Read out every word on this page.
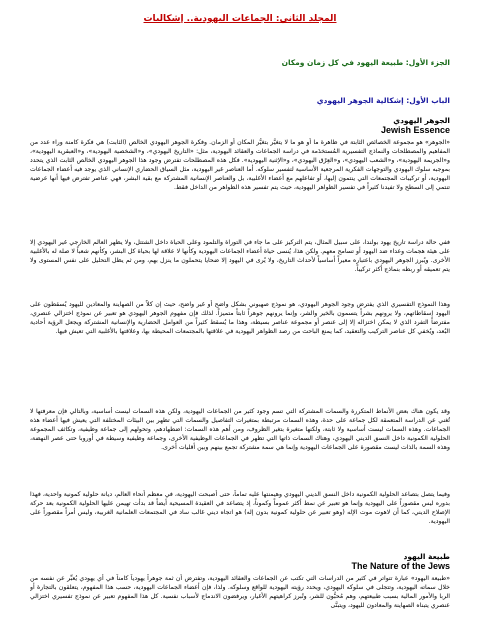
المجلد الثاني: الجماعات اليهودية.. إشكاليات
الجزء الأول: طبيعة اليهود في كل زمان ومكان
الباب الأول: إشكالية الجوهر اليهودي
الجوهر اليهودي
Jewish Essence
«الجوهر» هو مجموعة الخصائص الثابتة في ظاهرة ما أو هو ما لا يتغيَّر بتغيُّر المكان أو الزمان. وفكرة الجوهر اليهودي الخالص (الثابت) هي فكرة كامنة وراء عدد من المفاهيم والمصطلحات والنماذج التفسيرية المُستخدَمة في دراسة الجماعات والعقائد اليهودية، مثل: «التاريخ اليهودي»، و«الشخصية اليهودية»، و«العبقرية اليهودية»، و«الجريمة اليهودية»، و«الشعب اليهودي»، و«العِرْق اليهودي»، و«الإثنية اليهودية». فكل هذه المصطلحات تفترض وجود هذا الجوهر اليهودي الخالص الثابت الذي يتحدد بموجبه سلوك اليهودي والتوجهات الفكرية المرجعية الأساسية لتفسير سلوكه. أما العناصر غير اليهودية، مثل السياق الحضاري الإنساني الذي يوجد فيه أعضاء الجماعات اليهودية، أو تركيبات المجتمعات التي ينتمون إليها، أو تفاعلهم مع أعضاء الأغلبية، بل والعناصر الإنسانية المشتركة مع بقية البشر، فهي عناصر تفترض فيها أنها عرضية تنتمي إلى السطح ولا تفيدنا كثيراً في تفسير الظواهر اليهودية، حيث يتم تفسير هذه الظواهر من الداخل فقط.
ففي حالة دراسة تاريخ يهود بولندا، على سبيل المثال، يتم التركيز على ما جاء في التوراة والتلمود وعلى الحياة داخل الشتتل، ولا يظهر العالم الخارجي غير اليهودي إلا على هيئة هجمات وعداء ضد اليهود أو تسامح معهم. ولكن هذا، يُنسى حياة أعضاء الجماعات اليهودية وكأنها لا علاقة لها بحياة كل البشر، وكأنهم شعباً لا صلة له بالأغلبية الأخرى. ويُبرز الجوهر اليهودي باعتباره معيراً أساسياً لأحداث التاريخ، ولا يُرى في اليهود إلا ضحايا يتحملون ما ينزل بهم، ومن ثم يظل التحليل على نفس المستوى ولا يتم تعميقه أو ربطه بنماذج أكثر تركيباً.
وهذا النموذج التفسيري الذي يفترض وجود الجوهر اليهودي، هو نموذج صهيوني بشكل واضح أو غير واضح، حيث إن كلاً من الصهاينة والمعادين لليهود يُسقطون على اليهود إسقاطاتهم، ولا يرونهم بشراً يتسمون بالخير والشر، وإنما يرونهم جوهراً ثابتاً متميزاً. لذلك فإن مفهوم الجوهر اليهودي هو تعبير عن نموذج اختزالي عنصري، مفترضاً التفرد الذي لا يمكن اختزاله إلا إلى عنصر أو مجموعة عناصر بسيطة، وهذا ما يُسقط كثيراً من العوامل الحضارية والإنسانية المشتركة ويجعل الرؤية أحادية البُعد، ويُخفي كل عناصر التركيب والتعقيد، كما يمنع الباحث من رصد الظواهر اليهودية في علاقتها بالمجتمعات المحيطة بها، وعلاقتها بالأغلبية التي تعيش فيها.
وقد يكون هناك بعض الأنماط المتكررة والسمات المشتركة التي تسم وجود كثير من الجماعات اليهودية، ولكن هذه السمات ليست أساسية، وبالتالي فإن معرفتها لا تُغني عن الدراسة المتعمقة لكل جماعة على حدة، وهذه السمات مرتبطة بمتغيرات التفاصيل والسمات التي تظهر بين البيئات المختلفة التي يعيش فيها أعضاء هذه الجماعات. وهذه السمات ليست أساسية ولا ثابتة، ولكنها متغيرة بتغير الظروف، ومن أهم هذه السمات: اضطهادهم، وتحولهم إلى جماعة وظيفية، وتكاثف المجموعة الحلولية الكمونية داخل النسق الديني اليهودي، وهناك السمات ذاتها التي تظهر في الجماعات الوظيفية الأخرى، وجماعة وظيفية وسيطة في أوروبا حتى عصر النهضة، وهذه السمة بالذات ليست مقصورة على الجماعات اليهودية وإنما هي سمة مشتركة تجمع بينهم وبين أقليات أخرى.
وفيما يتصل بتصاعد الحلولية الكمونية داخل النسق الديني اليهودي وهيمنتها عليه تماماً، حتى أصبحت اليهودية، في معظم أنحاء العالم، ديانة حلولية كمونية واحدية، فهذا بدوره ليس مقصوراً على اليهودية وإنما هو تعبير عن نمط أكثر عموماً وكموناً، إذ يتصاعد في العقيدة المسيحية أيضاً قد بدأت تهيمن عليها الحلولية الكمونية بعد حركة الإصلاح الديني، كما أن لاهوت موت الإله (وهو تعبير عن حلولية كمونية بدون إله) هو اتجاه ديني غالب ساد في المجتمعات العلمانية الغربية، وليس أمراً مقصوراً على اليهودية.
طبيعة اليهود
The Nature of the Jews
«طبيعة اليهود» عبارة تتواتر في كثير من الدراسات التي تكتب عن الجماعات والعقائد اليهودية، وتفترض أن ثمة جوهراً يهودياً كامناً في أي يهودي يُعبِّر عن نفسه من خلال سماته اليهودية، وتتجلى في سلوكه اليهودي، ويحدد رؤيته اليهودية للواقع وسلوكه. ولذا، فإن أعضاء الجماعات اليهودية، حسب هذا المفهوم، يتعلقون بالتجارة أو الربا والأمور المالية بسبب طبيعتهم، وهم مُحبُّون للشر، وتُبرز كراهيتهم الأغيار، ويرفضون الاندماج لأسباب نفسية. كل هذا المفهوم تعبير عن نموذج تفسيري اختزالي عنصري يتبناه الصهاينة والمعادون لليهود، ويتبنَّى
